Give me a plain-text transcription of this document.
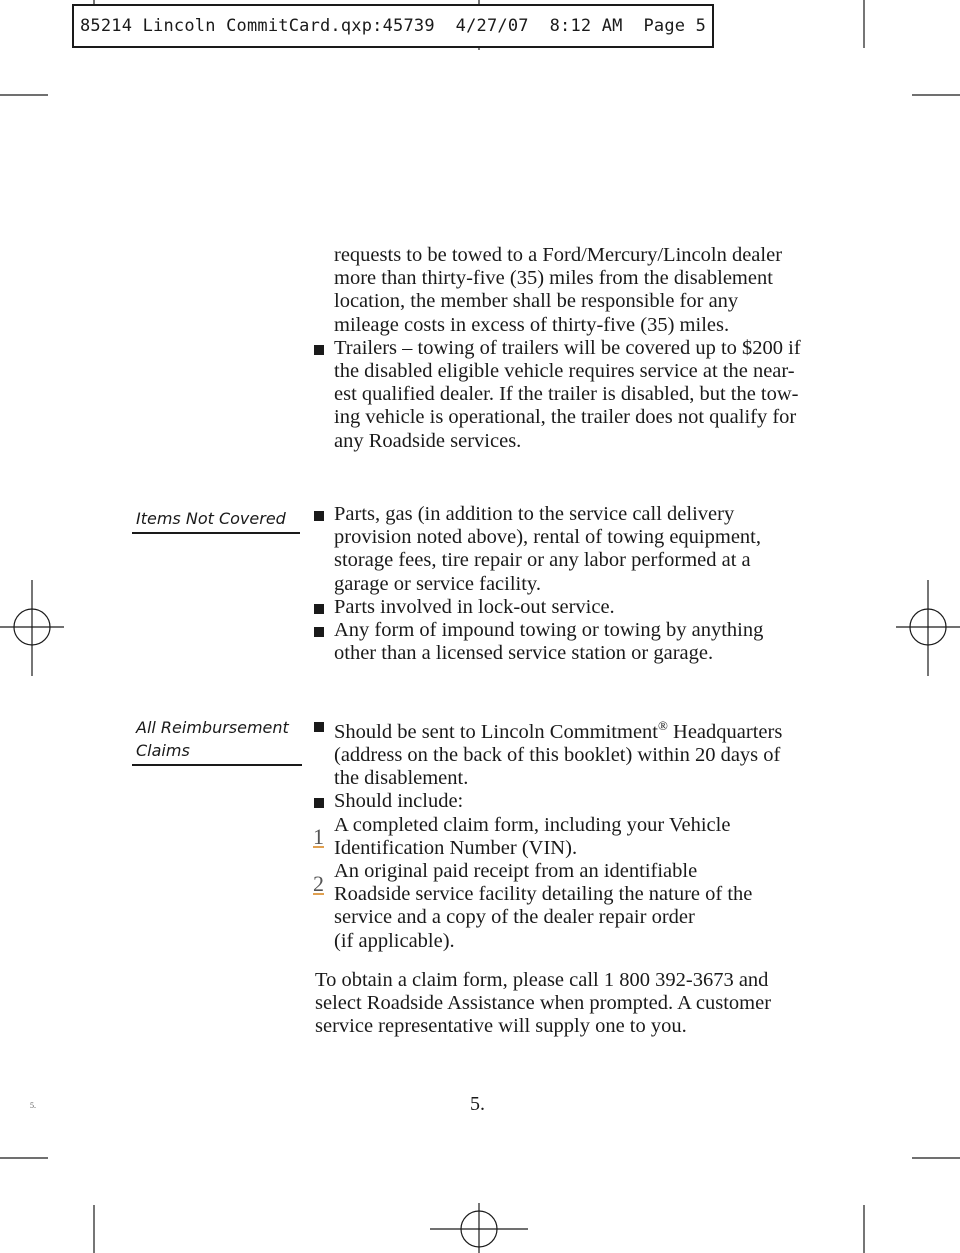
85214 Lincoln CommitCard.qxp:45739  4/27/07  8:12 AM  Page 5
requests to be towed to a Ford/Mercury/Lincoln dealer
more than thirty-five (35) miles from the disablement
location, the member shall be responsible for any
mileage costs in excess of thirty-five (35) miles.
Trailers – towing of trailers will be covered up to $200 if
the disabled eligible vehicle requires service at the near-
est qualified dealer. If the trailer is disabled, but the tow-
ing vehicle is operational, the trailer does not qualify for
any Roadside services.
Items Not Covered	Parts, gas (in addition to the service call delivery
provision noted above), rental of towing equipment,
storage fees, tire repair or any labor performed at a
garage or service facility.
Parts involved in lock-out service.
Any form of impound towing or towing by anything
other than a licensed service station or garage.
All Reimbursement
Claims
Should be sent to Lincoln Commitment® Headquarters
(address on the back of this booklet) within 20 days of
the disablement.
Should include:
A completed claim form, including your Vehicle
Identification Number (VIN).
An original paid receipt from an identifiable
Roadside service facility detailing the nature of the
service and a copy of the dealer repair order
(if applicable).
1
2
To obtain a claim form, please call 1 800 392-3673 and
select Roadside Assistance when prompted. A customer
service representative will supply one to you.
5.
5.
